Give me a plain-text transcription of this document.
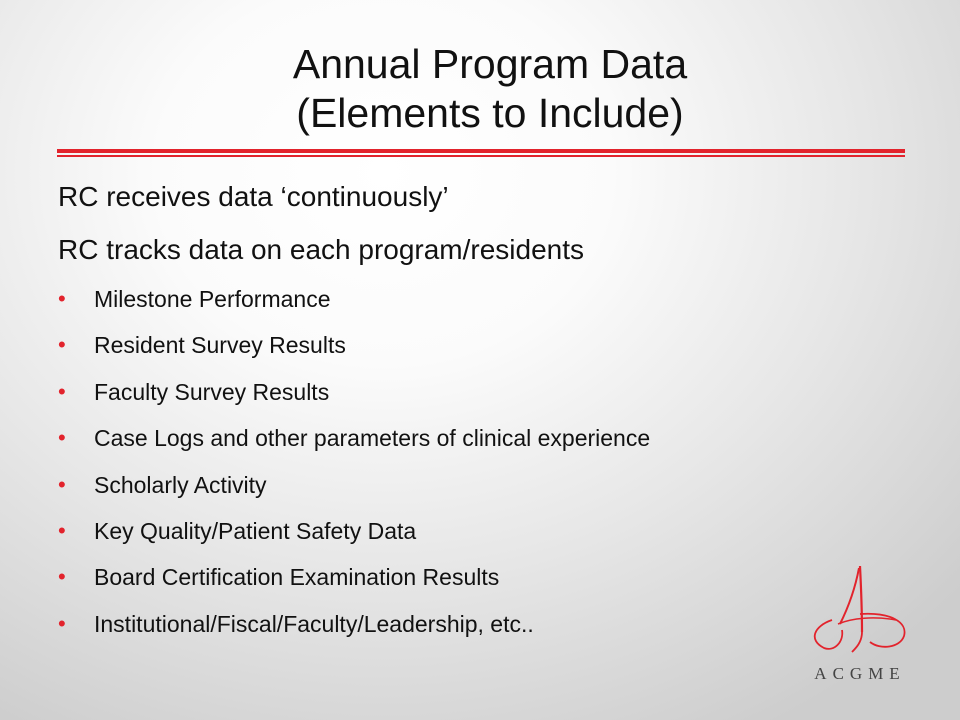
Annual Program Data
(Elements to Include)
RC receives data ‘continuously’
RC tracks data on each program/residents
• Milestone Performance
• Resident Survey Results
• Faculty Survey Results
• Case Logs and other parameters of clinical experience
• Scholarly Activity
• Key Quality/Patient Safety Data
• Board Certification Examination Results
• Institutional/Fiscal/Faculty/Leadership, etc..
ACGME
